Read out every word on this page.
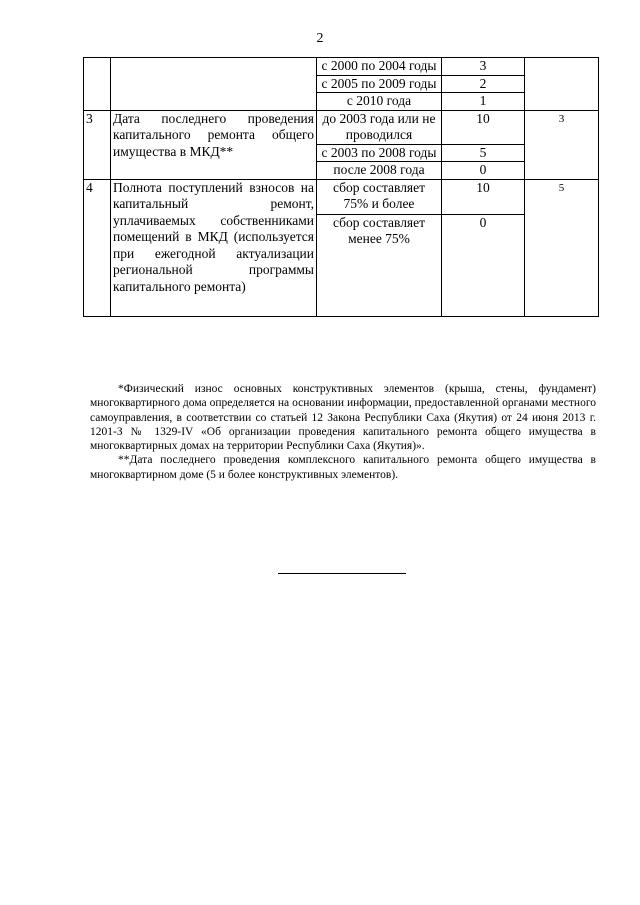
2
		с 2000 по 2004 годы	3	
		с 2005 по 2009 годы	2	
		с 2010 года	1	
3	Дата последнего проведения капитального ремонта общего имущества в МКД**	до 2003 года или не проводился	10	3
		с 2003 по 2008 годы	5	
		после 2008 года	0	
4	Полнота поступлений взносов на капитальный ремонт, уплачиваемых собственниками помещений в МКД (используется при ежегодной актуализации региональной программы капитального ремонта)	сбор составляет 75% и более	10	5
		сбор составляет менее 75%	0	

*Физический износ основных конструктивных элементов (крыша, стены, фундамент) многоквартирного дома определяется на основании информации, предоставленной органами местного самоуправления, в соответствии со статьей 12 Закона Республики Саха (Якутия) от 24 июня 2013 г. 1201-З № 1329-IV «Об организации проведения капитального ремонта общего имущества в многоквартирных домах на территории Республики Саха (Якутия)».

**Дата последнего проведения комплексного капитального ремонта общего имущества в многоквартирном доме (5 и более конструктивных элементов).
